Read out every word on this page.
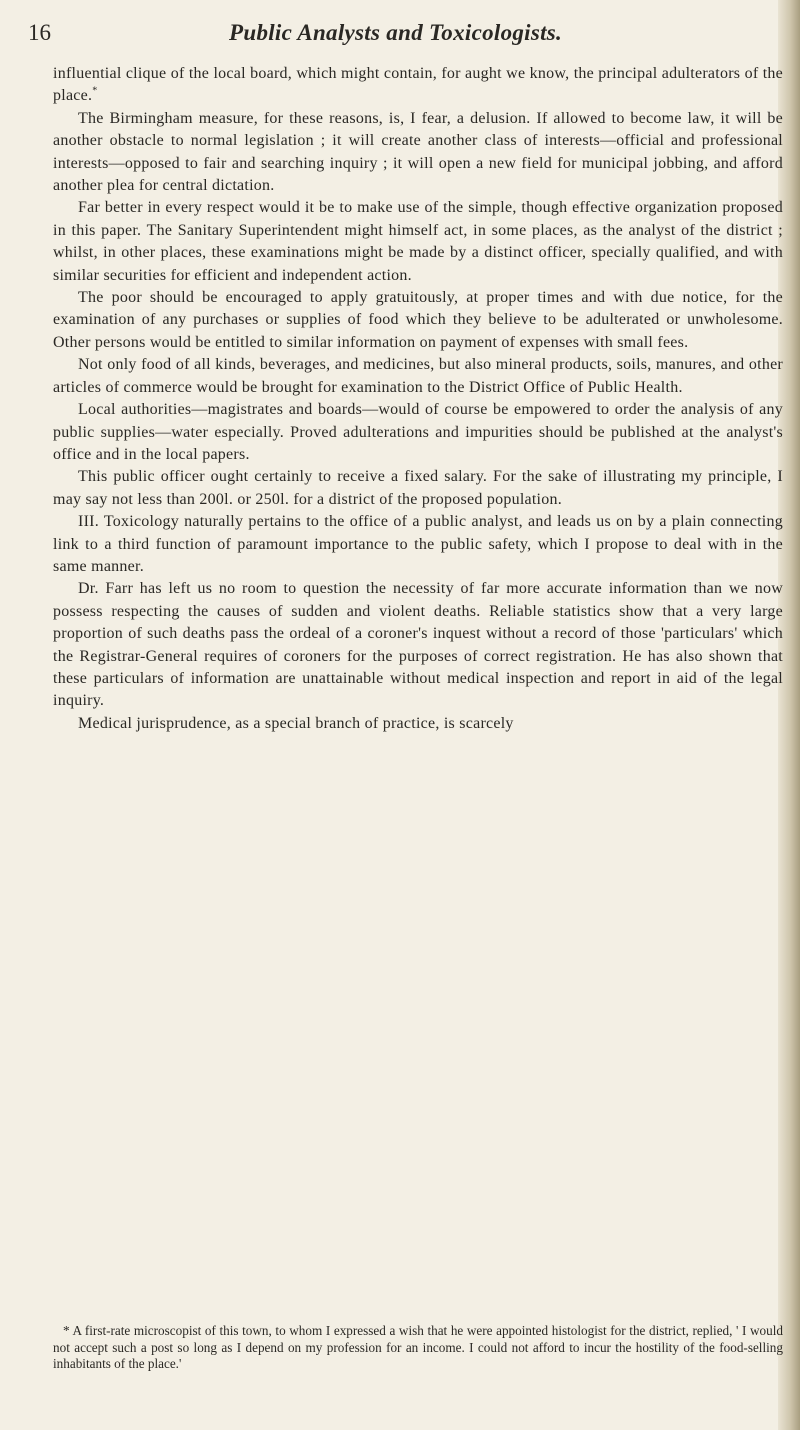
16	Public Analysts and Toxicologists.

influential clique of the local board, which might contain, for aught we know, the principal adulterators of the place.*

The Birmingham measure, for these reasons, is, I fear, a delusion. If allowed to become law, it will be another obstacle to normal legislation ; it will create another class of interests—official and professional interests—opposed to fair and searching inquiry ; it will open a new field for municipal jobbing, and afford another plea for central dictation.

Far better in every respect would it be to make use of the simple, though effective organization proposed in this paper. The Sanitary Superintendent might himself act, in some places, as the analyst of the district ; whilst, in other places, these examinations might be made by a distinct officer, specially qualified, and with similar securities for efficient and independent action.

The poor should be encouraged to apply gratuitously, at proper times and with due notice, for the examination of any purchases or supplies of food which they believe to be adulterated or unwholesome. Other persons would be entitled to similar information on payment of expenses with small fees.

Not only food of all kinds, beverages, and medicines, but also mineral products, soils, manures, and other articles of commerce would be brought for examination to the District Office of Public Health.

Local authorities—magistrates and boards—would of course be empowered to order the analysis of any public supplies—water especially. Proved adulterations and impurities should be published at the analyst's office and in the local papers.

This public officer ought certainly to receive a fixed salary. For the sake of illustrating my principle, I may say not less than 200l. or 250l. for a district of the proposed population.

III. Toxicology naturally pertains to the office of a public analyst, and leads us on by a plain connecting link to a third function of paramount importance to the public safety, which I propose to deal with in the same manner.

Dr. Farr has left us no room to question the necessity of far more accurate information than we now possess respecting the causes of sudden and violent deaths. Reliable statistics show that a very large proportion of such deaths pass the ordeal of a coroner's inquest without a record of those 'particulars' which the Registrar-General requires of coroners for the purposes of correct registration. He has also shown that these particulars of information are unattainable without medical inspection and report in aid of the legal inquiry.

Medical jurisprudence, as a special branch of practice, is scarcely

* A first-rate microscopist of this town, to whom I expressed a wish that he were appointed histologist for the district, replied, ' I would not accept such a post so long as I depend on my profession for an income. I could not afford to incur the hostility of the food-selling inhabitants of the place.'
